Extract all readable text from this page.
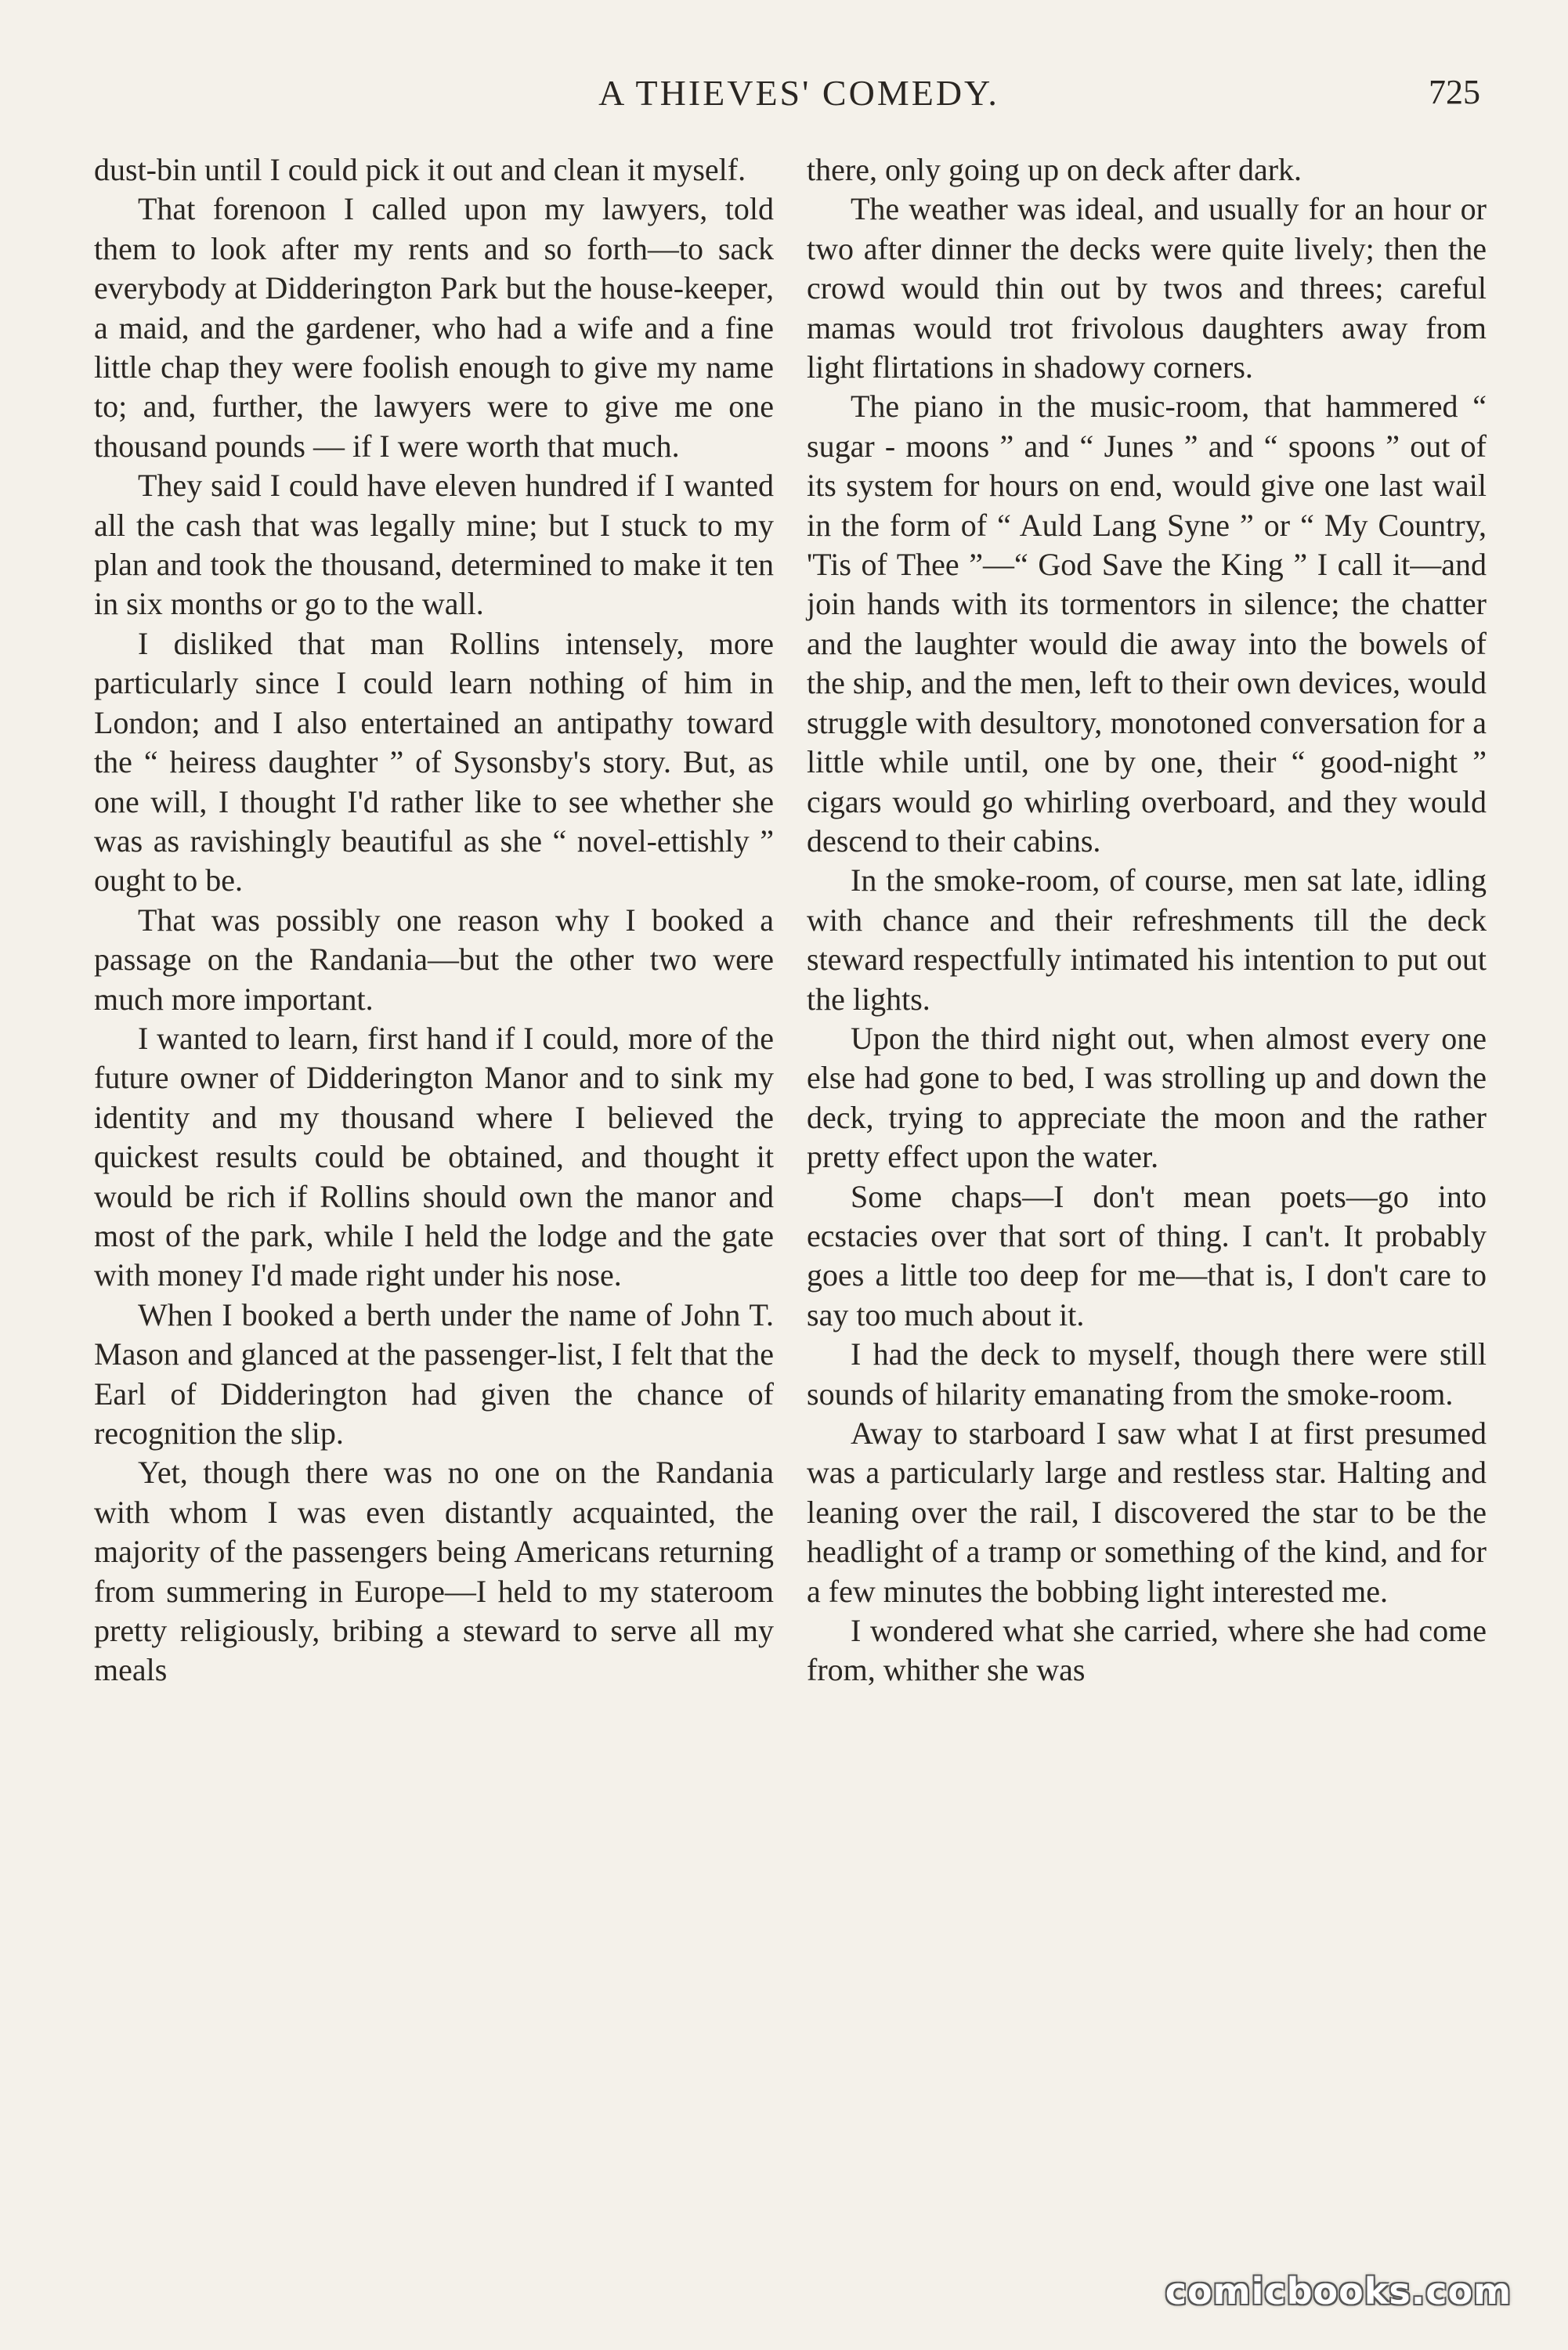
A THIEVES' COMEDY.	725

dust-bin until I could pick it out and clean it myself.

That forenoon I called upon my lawyers, told them to look after my rents and so forth—to sack everybody at Didderington Park but the house-keeper, a maid, and the gardener, who had a wife and a fine little chap they were foolish enough to give my name to; and, further, the lawyers were to give me one thousand pounds — if I were worth that much.

They said I could have eleven hundred if I wanted all the cash that was legally mine; but I stuck to my plan and took the thousand, determined to make it ten in six months or go to the wall.

I disliked that man Rollins intensely, more particularly since I could learn nothing of him in London; and I also entertained an antipathy toward the “ heiress daughter ” of Sysonsby's story. But, as one will, I thought I'd rather like to see whether she was as ravishingly beautiful as she “ novel-ettishly ” ought to be.

That was possibly one reason why I booked a passage on the Randania—but the other two were much more important.

I wanted to learn, first hand if I could, more of the future owner of Didderington Manor and to sink my identity and my thousand where I believed the quickest results could be obtained, and thought it would be rich if Rollins should own the manor and most of the park, while I held the lodge and the gate with money I'd made right under his nose.

When I booked a berth under the name of John T. Mason and glanced at the passenger-list, I felt that the Earl of Didderington had given the chance of recognition the slip.

Yet, though there was no one on the Randania with whom I was even distantly acquainted, the majority of the passengers being Americans returning from summering in Europe—I held to my stateroom pretty religiously, bribing a steward to serve all my meals

there, only going up on deck after dark.

The weather was ideal, and usually for an hour or two after dinner the decks were quite lively; then the crowd would thin out by twos and threes; careful mamas would trot frivolous daughters away from light flirtations in shadowy corners.

The piano in the music-room, that hammered “ sugar - moons ” and “ Junes ” and “ spoons ” out of its system for hours on end, would give one last wail in the form of “ Auld Lang Syne ” or “ My Country, 'Tis of Thee ”—“ God Save the King ” I call it—and join hands with its tormentors in silence; the chatter and the laughter would die away into the bowels of the ship, and the men, left to their own devices, would struggle with desultory, monotoned conversation for a little while until, one by one, their “ good-night ” cigars would go whirling overboard, and they would descend to their cabins.

In the smoke-room, of course, men sat late, idling with chance and their refreshments till the deck steward respectfully intimated his intention to put out the lights.

Upon the third night out, when almost every one else had gone to bed, I was strolling up and down the deck, trying to appreciate the moon and the rather pretty effect upon the water.

Some chaps—I don't mean poets—go into ecstacies over that sort of thing. I can't. It probably goes a little too deep for me—that is, I don't care to say too much about it.

I had the deck to myself, though there were still sounds of hilarity emanating from the smoke-room.

Away to starboard I saw what I at first presumed was a particularly large and restless star. Halting and leaning over the rail, I discovered the star to be the headlight of a tramp or something of the kind, and for a few minutes the bobbing light interested me.

I wondered what she carried, where she had come from, whither she was

comicbooks.com
